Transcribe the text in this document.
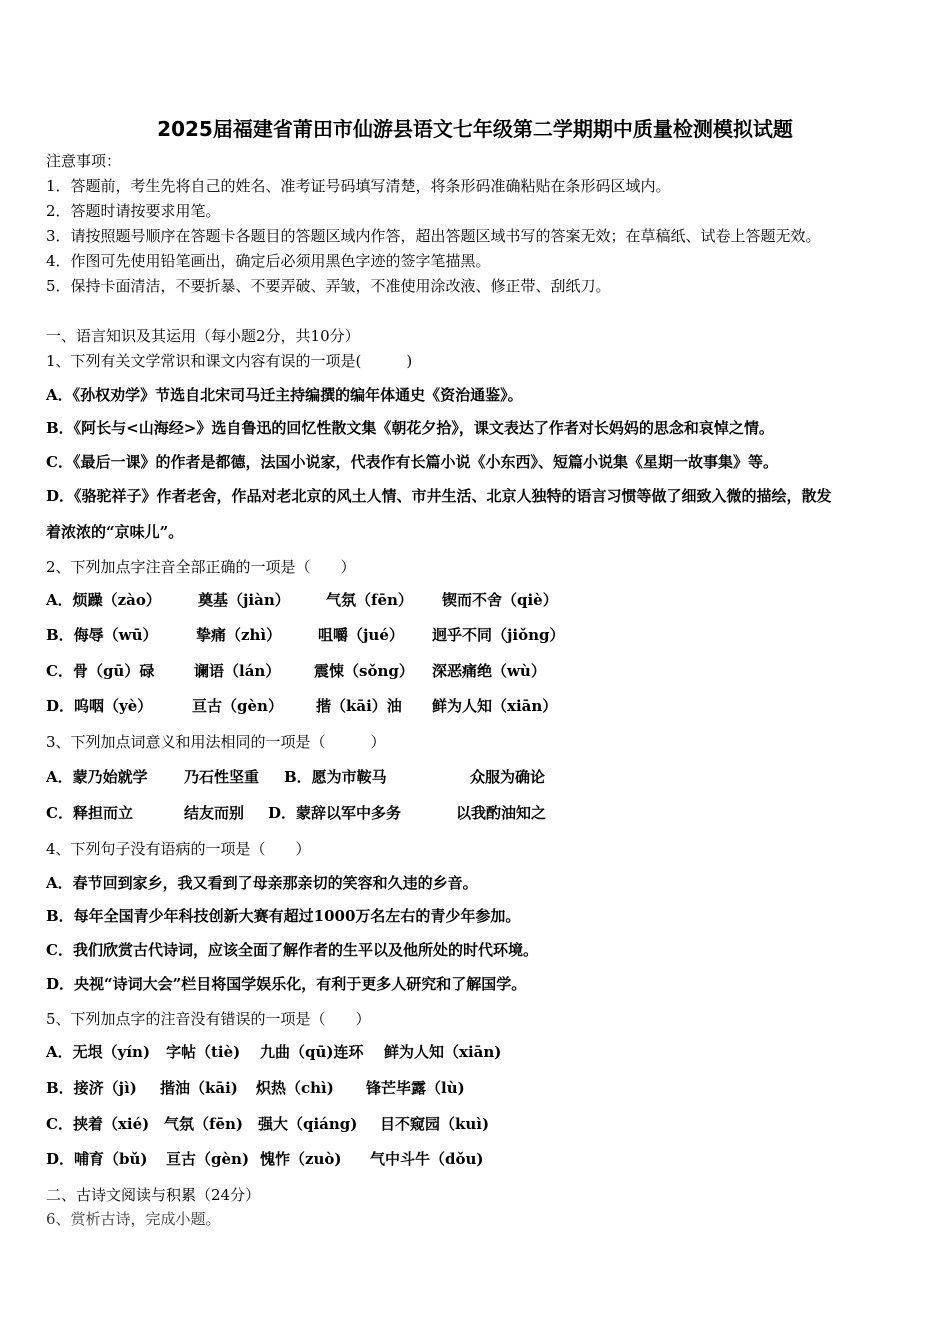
2025届福建省莆田市仙游县语文七年级第二学期期中质量检测模拟试题
注意事项：
1．答题前，考生先将自己的姓名、准考证号码填写清楚，将条形码准确粘贴在条形码区域内。
2．答题时请按要求用笔。
3．请按照题号顺序在答题卡各题目的答题区域内作答，超出答题区域书写的答案无效；在草稿纸、试卷上答题无效。
4．作图可先使用铅笔画出，确定后必须用黑色字迹的签字笔描黑。
5．保持卡面清洁，不要折暴、不要弄破、弄皱，不准使用涂改液、修正带、刮纸刀。
一、语言知识及其运用（每小题2分，共10分）
1、下列有关文学常识和课文内容有误的一项是(　　　)
A．《孙权劝学》节选自北宋司马迁主持编撰的编年体通史《资治通鉴》。
B．《阿长与<山海经>》选自鲁迅的回忆性散文集《朝花夕拾》，课文表达了作者对长妈妈的思念和哀悼之情。
C．《最后一课》的作者是都德，法国小说家，代表作有长篇小说《小东西》、短篇小说集《星期一故事集》等。
D．《骆驼祥子》作者老舍，作品对老北京的风土人情、市井生活、北京人独特的语言习惯等做了细致入微的描绘，散发
着浓浓的“京味儿”。
2、下列加点字注音全部正确的一项是（　　）
A．烦躁（zào） 奠基（jiàn） 气氛（fēn） 锲而不舍（qiè）
B．侮辱（wū）	挚痛（zhì） 咀嚼（jué） 迥乎不同（jiǒng）
C．骨（gū）碌	谰语（lán） 震悚（sǒng） 深恶痛绝（wù）
D．呜咽（yè）	亘古（gèn） 揩（kāi）油 鲜为人知（xiān）
3、下列加点词意义和用法相同的一项是（　　　）
A．蒙乃始就学 乃石性坚重 B．愿为市鞍马	众服为确论
C．释担而立	结友而别 D．蒙辞以军中多务	以我酌油知之
4、下列句子没有语病的一项是（　　）
A．春节回到家乡，我又看到了母亲那亲切的笑容和久违的乡音。
B．每年全国青少年科技创新大赛有超过1000万名左右的青少年参加。
C．我们欣赏古代诗词，应该全面了解作者的生平以及他所处的时代环境。
D．央视“诗词大会”栏目将国学娱乐化，有利于更多人研究和了解国学。
5、下列加点字的注音没有错误的一项是（　　）
A．无垠（yín) 字帖（tiè) 九曲（qū)连环 鲜为人知（xiān)
B．接济（jì) 揩油（kāi) 炽热（chì) 锋芒毕露（lù)
C．挟着（xié) 气氛（fēn) 强大（qiáng) 目不窥园（kuì)
D．哺育（bǔ) 亘古（gèn) 愧怍（zuò) 气中斗牛（dǒu)
二、古诗文阅读与积累（24分）
6、赏析古诗，完成小题。
